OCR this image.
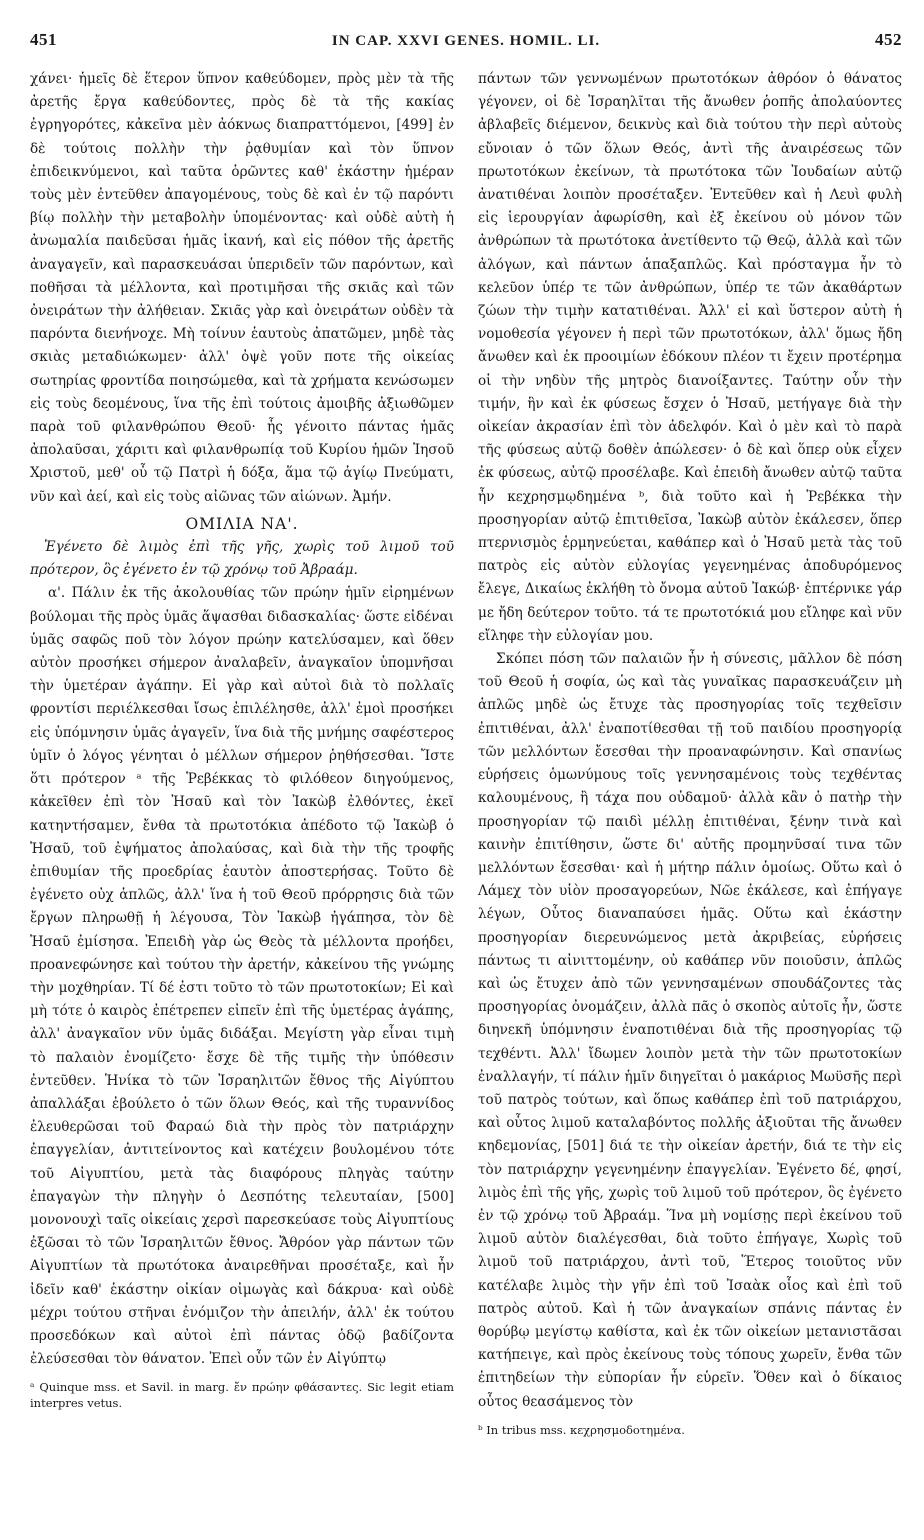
451	IN CAP. XXVI GENES. HOMIL. LI.	452

χάνει· ἡμεῖς δὲ ἕτερον ὕπνον καθεύδομεν, πρὸς μὲν τὰ τῆς ἀρετῆς ἔργα καθεύδοντες, πρὸς δὲ τὰ τῆς κακίας ἐγρηγορότες, κἀκεῖνα μὲν ἀόκνως διαπραττόμενοι, [499] ἐν δὲ τούτοις πολλὴν τὴν ῥᾳθυμίαν καὶ τὸν ὕπνον ἐπιδεικνύμενοι, καὶ ταῦτα ὁρῶντες καθ' ἑκάστην ἡμέραν τοὺς μὲν ἐντεῦθεν ἀπαγομένους, τοὺς δὲ καὶ ἐν τῷ παρόντι βίῳ πολλὴν τὴν μεταβολὴν ὑπομένοντας· καὶ οὐδὲ αὐτὴ ἡ ἀνωμαλία παιδεῦσαι ἡμᾶς ἱκανή, καὶ εἰς πόθον τῆς ἀρετῆς ἀναγαγεῖν, καὶ παρασκευάσαι ὑπεριδεῖν τῶν παρόντων, καὶ ποθῆσαι τὰ μέλλοντα, καὶ προτιμῆσαι τῆς σκιᾶς καὶ τῶν ὀνειράτων τὴν ἀλήθειαν. Σκιᾶς γὰρ καὶ ὀνειράτων οὐδὲν τὰ παρόντα διενήνοχε. Μὴ τοίνυν ἑαυτοὺς ἀπατῶμεν, μηδὲ τὰς σκιὰς μεταδιώκωμεν· ἀλλ' ὀψὲ γοῦν ποτε τῆς οἰκείας σωτηρίας φροντίδα ποιησώμεθα, καὶ τὰ χρήματα κενώσωμεν εἰς τοὺς δεομένους, ἵνα τῆς ἐπὶ τούτοις ἀμοιβῆς ἀξιωθῶμεν παρὰ τοῦ φιλανθρώπου Θεοῦ· ἧς γένοιτο πάντας ἡμᾶς ἀπολαῦσαι, χάριτι καὶ φιλανθρωπίᾳ τοῦ Κυρίου ἡμῶν Ἰησοῦ Χριστοῦ, μεθ' οὗ τῷ Πατρὶ ἡ δόξα, ἅμα τῷ ἁγίῳ Πνεύματι, νῦν καὶ ἀεί, καὶ εἰς τοὺς αἰῶνας τῶν αἰώνων. Ἀμήν.

ΟΜΙΛΙΑ ΝΑ'.

Ἐγένετο δὲ λιμὸς ἐπὶ τῆς γῆς, χωρὶς τοῦ λιμοῦ τοῦ πρότερον, ὃς ἐγένετο ἐν τῷ χρόνῳ τοῦ Ἀβραάμ.

α'. Πάλιν ἐκ τῆς ἀκολουθίας τῶν πρώην ἡμῖν εἰρημένων βούλομαι τῆς πρὸς ὑμᾶς ἅψασθαι διδασκαλίας· ὥστε εἰδέναι ὑμᾶς σαφῶς ποῦ τὸν λόγον πρώην κατελύσαμεν, καὶ ὅθεν αὐτὸν προσήκει σήμερον ἀναλαβεῖν, ἀναγκαῖον ὑπομνῆσαι τὴν ὑμετέραν ἀγάπην. Εἰ γὰρ καὶ αὐτοὶ διὰ τὸ πολλαῖς φροντίσι περιέλκεσθαι ἴσως ἐπιλέλησθε, ἀλλ' ἐμοὶ προσήκει εἰς ὑπόμνησιν ὑμᾶς ἀγαγεῖν, ἵνα διὰ τῆς μνήμης σαφέστερος ὑμῖν ὁ λόγος γένηται ὁ μέλλων σήμερον ῥηθήσεσθαι. Ἴστε ὅτι πρότερον ᵃ τῆς Ῥεβέκκας τὸ φιλόθεον διηγούμενος, κἀκεῖθεν ἐπὶ τὸν Ἠσαῦ καὶ τὸν Ἰακὼβ ἐλθόντες, ἐκεῖ κατηντήσαμεν, ἔνθα τὰ πρωτοτόκια ἀπέδοτο τῷ Ἰακὼβ ὁ Ἠσαῦ, τοῦ ἐψήματος ἀπολαύσας, καὶ διὰ τὴν τῆς τροφῆς ἐπιθυμίαν τῆς προεδρίας ἑαυτὸν ἀποστερήσας. Τοῦτο δὲ ἐγένετο οὐχ ἁπλῶς, ἀλλ' ἵνα ἡ τοῦ Θεοῦ πρόρρησις διὰ τῶν ἔργων πληρωθῇ ἡ λέγουσα, Τὸν Ἰακὼβ ἠγάπησα, τὸν δὲ Ἠσαῦ ἐμίσησα. Ἐπειδὴ γὰρ ὡς Θεὸς τὰ μέλλοντα προήδει, προανεφώνησε καὶ τούτου τὴν ἀρετήν, κἀκείνου τῆς γνώμης τὴν μοχθηρίαν. Τί δέ ἐστι τοῦτο τὸ τῶν πρωτοτοκίων; Εἰ καὶ μὴ τότε ὁ καιρὸς ἐπέτρεπεν εἰπεῖν ἐπὶ τῆς ὑμετέρας ἀγάπης, ἀλλ' ἀναγκαῖον νῦν ὑμᾶς διδάξαι. Μεγίστη γὰρ εἶναι τιμὴ τὸ παλαιὸν ἐνομίζετο· ἔσχε δὲ τῆς τιμῆς τὴν ὑπόθεσιν ἐντεῦθεν. Ἡνίκα τὸ τῶν Ἰσραηλιτῶν ἔθνος τῆς Αἰγύπτου ἀπαλλάξαι ἐβούλετο ὁ τῶν ὅλων Θεός, καὶ τῆς τυραννίδος ἐλευθερῶσαι τοῦ Φαραώ διὰ τὴν πρὸς τὸν πατριάρχην ἐπαγγελίαν, ἀντιτείνοντος καὶ κατέχειν βουλομένου τότε τοῦ Αἰγυπτίου, μετὰ τὰς διαφόρους πληγὰς ταύτην ἐπαγαγὼν τὴν πληγὴν ὁ Δεσπότης τελευταίαν, [500] μονονουχὶ ταῖς οἰκείαις χερσὶ παρεσκεύασε τοὺς Αἰγυπτίους ἐξῶσαι τὸ τῶν Ἰσραηλιτῶν ἔθνος. Ἄθρόον γὰρ πάντων τῶν Αἰγυπτίων τὰ πρωτότοκα ἀναιρεθῆναι προσέταξε, καὶ ἦν ἰδεῖν καθ' ἑκάστην οἰκίαν οἰμωγὰς καὶ δάκρυα· καὶ οὐδὲ μέχρι τούτου στῆναι ἐνόμιζον τὴν ἀπειλήν, ἀλλ' ἐκ τούτου προσεδόκων καὶ αὐτοὶ ἐπὶ πάντας ὁδῷ βαδίζοντα ἐλεύσεσθαι τὸν θάνατον. Ἐπεὶ οὖν τῶν ἐν Αἰγύπτῳ

ᵃ Quinque mss. et Savil. in marg. ἔν πρώην φθάσαντες. Sic legit etiam interpres vetus.

πάντων τῶν γεννωμένων πρωτοτόκων ἀθρόον ὁ θάνατος γέγονεν, οἱ δὲ Ἰσραηλῖται τῆς ἄνωθεν ῥοπῆς ἀπολαύοντες ἀβλαβεῖς διέμενον, δεικνὺς καὶ διὰ τούτου τὴν περὶ αὐτοὺς εὔνοιαν ὁ τῶν ὅλων Θεός, ἀντὶ τῆς ἀναιρέσεως τῶν πρωτοτόκων ἐκείνων, τὰ πρωτότοκα τῶν Ἰουδαίων αὐτῷ ἀνατιθέναι λοιπὸν προσέταξεν. Ἐντεῦθεν καὶ ἡ Λευὶ φυλὴ εἰς ἱερουργίαν ἀφωρίσθη, καὶ ἐξ ἐκείνου οὐ μόνον τῶν ἀνθρώπων τὰ πρωτότοκα ἀνετίθεντο τῷ Θεῷ, ἀλλὰ καὶ τῶν ἀλόγων, καὶ πάντων ἁπαξαπλῶς. Καὶ πρόσταγμα ἦν τὸ κελεῦον ὑπέρ τε τῶν ἀνθρώπων, ὑπέρ τε τῶν ἀκαθάρτων ζώων τὴν τιμὴν κατατιθέναι. Ἀλλ' εἰ καὶ ὕστερον αὐτὴ ἡ νομοθεσία γέγονεν ἡ περὶ τῶν πρωτοτόκων, ἀλλ' ὅμως ἤδη ἄνωθεν καὶ ἐκ προοιμίων ἐδόκουν πλέον τι ἔχειν προτέρημα οἱ τὴν νηδὺν τῆς μητρὸς διανοίξαντες. Ταύτην οὖν τὴν τιμήν, ἣν καὶ ἐκ φύσεως ἔσχεν ὁ Ἠσαῦ, μετήγαγε διὰ τὴν οἰκείαν ἀκρασίαν ἐπὶ τὸν ἀδελφόν. Καὶ ὁ μὲν καὶ τὸ παρὰ τῆς φύσεως αὐτῷ δοθὲν ἀπώλεσεν· ὁ δὲ καὶ ὅπερ οὐκ εἶχεν ἐκ φύσεως, αὐτῷ προσέλαβε. Καὶ ἐπειδὴ ἄνωθεν αὐτῷ ταῦτα ἦν κεχρησμῳδημένα ᵇ, διὰ τοῦτο καὶ ἡ Ῥεβέκκα τὴν προσηγορίαν αὐτῷ ἐπιτιθεῖσα, Ἰακὼβ αὐτὸν ἐκάλεσεν, ὅπερ πτερνισμὸς ἑρμηνεύεται, καθάπερ καὶ ὁ Ἠσαῦ μετὰ τὰς τοῦ πατρὸς εἰς αὐτὸν εὐλογίας γεγενημένας ἀποδυρόμενος ἔλεγε, Δικαίως ἐκλήθη τὸ ὄνομα αὐτοῦ Ἰακώβ· ἐπτέρνικε γάρ με ἤδη δεύτερον τοῦτο. τά τε πρωτοτόκιά μου εἴληφε καὶ νῦν εἴληφε τὴν εὐλογίαν μου.

Σκόπει πόση τῶν παλαιῶν ἦν ἡ σύνεσις, μᾶλλον δὲ πόση τοῦ Θεοῦ ἡ σοφία, ὡς καὶ τὰς γυναῖκας παρασκευάζειν μὴ ἁπλῶς μηδὲ ὡς ἔτυχε τὰς προσηγορίας τοῖς τεχθεῖσιν ἐπιτιθέναι, ἀλλ' ἐναποτίθεσθαι τῇ τοῦ παιδίου προσηγορίᾳ τῶν μελλόντων ἔσεσθαι τὴν προαναφώνησιν. Καὶ σπανίως εὑρήσεις ὁμωνύμους τοῖς γεννησαμένοις τοὺς τεχθέντας καλουμένους, ἢ τάχα που οὐδαμοῦ· ἀλλὰ κἂν ὁ πατὴρ τὴν προσηγορίαν τῷ παιδὶ μέλλῃ ἐπιτιθέναι, ξένην τινὰ καὶ καινὴν ἐπιτίθησιν, ὥστε δι' αὐτῆς προμηνῦσαί τινα τῶν μελλόντων ἔσεσθαι· καὶ ἡ μήτηρ πάλιν ὁμοίως. Οὕτω καὶ ὁ Λάμεχ τὸν υἱὸν προσαγορεύων, Νῶε ἐκάλεσε, καὶ ἐπήγαγε λέγων, Οὗτος διαναπαύσει ἡμᾶς. Οὕτω καὶ ἑκάστην προσηγορίαν διερευνώμενος μετὰ ἀκριβείας, εὑρήσεις πάντως τι αἰνιττομένην, οὐ καθάπερ νῦν ποιοῦσιν, ἁπλῶς καὶ ὡς ἔτυχεν ἀπὸ τῶν γεννησαμένων σπουδάζοντες τὰς προσηγορίας ὀνομάζειν, ἀλλὰ πᾶς ὁ σκοπὸς αὐτοῖς ἦν, ὥστε διηνεκῆ ὑπόμνησιν ἐναποτιθέναι διὰ τῆς προσηγορίας τῷ τεχθέντι. Ἀλλ' ἴδωμεν λοιπὸν μετὰ τὴν τῶν πρωτοτοκίων ἐναλλαγήν, τί πάλιν ἡμῖν διηγεῖται ὁ μακάριος Μωϋσῆς περὶ τοῦ πατρὸς τούτων, καὶ ὅπως καθάπερ ἐπὶ τοῦ πατριάρχου, καὶ οὗτος λιμοῦ καταλαβόντος πολλῆς ἀξιοῦται τῆς ἄνωθεν κηδεμονίας, [501] διά τε τὴν οἰκείαν ἀρετήν, διά τε τὴν εἰς τὸν πατριάρχην γεγενημένην ἐπαγγελίαν. Ἐγένετο δέ, φησί, λιμὸς ἐπὶ τῆς γῆς, χωρὶς τοῦ λιμοῦ τοῦ πρότερον, ὃς ἐγένετο ἐν τῷ χρόνῳ τοῦ Ἀβραάμ. Ἵνα μὴ νομίσῃς περὶ ἐκείνου τοῦ λιμοῦ αὐτὸν διαλέγεσθαι, διὰ τοῦτο ἐπήγαγε, Χωρὶς τοῦ λιμοῦ τοῦ πατριάρχου, ἀντὶ τοῦ, Ἕτερος τοιοῦτος νῦν κατέλαβε λιμὸς τὴν γῆν ἐπὶ τοῦ Ἰσαὰκ οἷος καὶ ἐπὶ τοῦ πατρὸς αὐτοῦ. Καὶ ἡ τῶν ἀναγκαίων σπάνις πάντας ἐν θορύβῳ μεγίστῳ καθίστα, καὶ ἐκ τῶν οἰκείων μετανιστᾶσαι κατήπειγε, καὶ πρὸς ἐκείνους τοὺς τόπους χωρεῖν, ἔνθα τῶν ἐπιτηδείων τὴν εὐπορίαν ἦν εὑρεῖν. Ὅθεν καὶ ὁ δίκαιος οὗτος θεασάμενος τὸν

ᵇ In tribus mss. κεχρησμοδοτημένα.
